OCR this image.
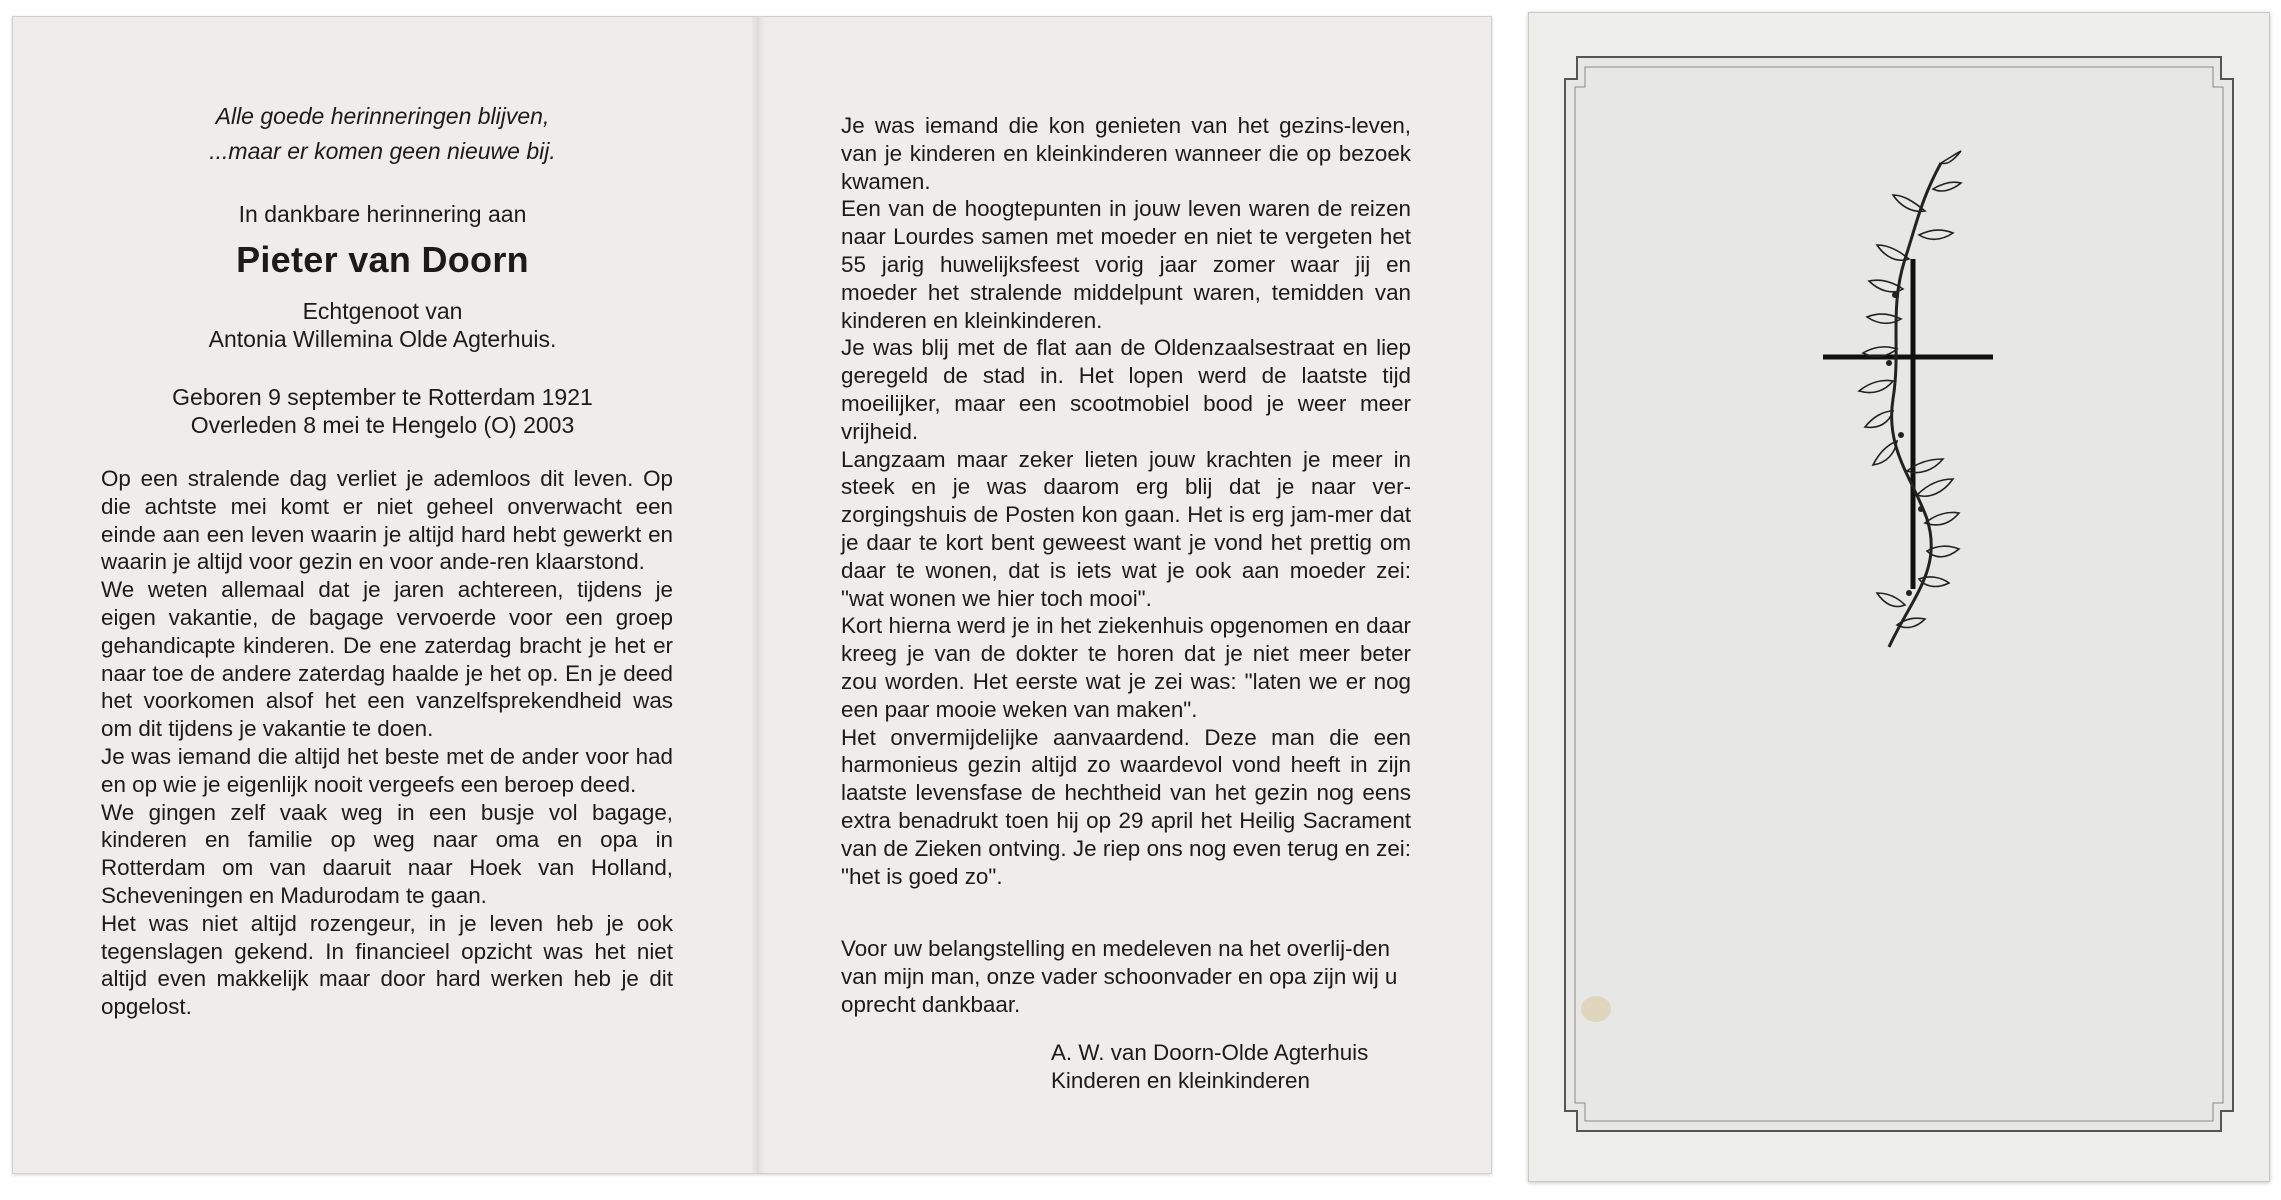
Alle goede herinneringen blijven,
...maar er komen geen nieuwe bij.
In dankbare herinnering aan
Pieter van Doorn
Echtgenoot van
Antonia Willemina Olde Agterhuis.
Geboren 9 september te Rotterdam 1921
Overleden 8 mei te Hengelo (O) 2003

Op een stralende dag verliet je ademloos dit leven. Op die achtste mei komt er niet geheel onverwacht een einde aan een leven waarin je altijd hard hebt gewerkt en waarin je altijd voor gezin en voor ande-ren klaarstond.

We weten allemaal dat je jaren achtereen, tijdens je eigen vakantie, de bagage vervoerde voor een groep gehandicapte kinderen. De ene zaterdag bracht je het er naar toe de andere zaterdag haalde je het op. En je deed het voorkomen alsof het een vanzelfsprekendheid was om dit tijdens je vakantie te doen.

Je was iemand die altijd het beste met de ander voor had en op wie je eigenlijk nooit vergeefs een beroep deed.

We gingen zelf vaak weg in een busje vol bagage, kinderen en familie op weg naar oma en opa in Rotterdam om van daaruit naar Hoek van Holland, Scheveningen en Madurodam te gaan.

Het was niet altijd rozengeur, in je leven heb je ook tegenslagen gekend. In financieel opzicht was het niet altijd even makkelijk maar door hard werken heb je dit opgelost.

Je was iemand die kon genieten van het gezins-leven, van je kinderen en kleinkinderen wanneer die op bezoek kwamen.

Een van de hoogtepunten in jouw leven waren de reizen naar Lourdes samen met moeder en niet te vergeten het 55 jarig huwelijksfeest vorig jaar zomer waar jij en moeder het stralende middelpunt waren, temidden van kinderen en kleinkinderen.

Je was blij met de flat aan de Oldenzaalsestraat en liep geregeld de stad in. Het lopen werd de laatste tijd moeilijker, maar een scootmobiel bood je weer meer vrijheid.

Langzaam maar zeker lieten jouw krachten je meer in steek en je was daarom erg blij dat je naar ver-zorgingshuis de Posten kon gaan. Het is erg jam-mer dat je daar te kort bent geweest want je vond het prettig om daar te wonen, dat is iets wat je ook aan moeder zei: "wat wonen we hier toch mooi".

Kort hierna werd je in het ziekenhuis opgenomen en daar kreeg je van de dokter te horen dat je niet meer beter zou worden. Het eerste wat je zei was: "laten we er nog een paar mooie weken van maken".

Het onvermijdelijke aanvaardend. Deze man die een harmonieus gezin altijd zo waardevol vond heeft in zijn laatste levensfase de hechtheid van het gezin nog eens extra benadrukt toen hij op 29 april het Heilig Sacrament van de Zieken ontving. Je riep ons nog even terug en zei: "het is goed zo".

Voor uw belangstelling en medeleven na het overlij-den van mijn man, onze vader schoonvader en opa zijn wij u oprecht dankbaar.
A. W. van Doorn-Olde Agterhuis
Kinderen en kleinkinderen
